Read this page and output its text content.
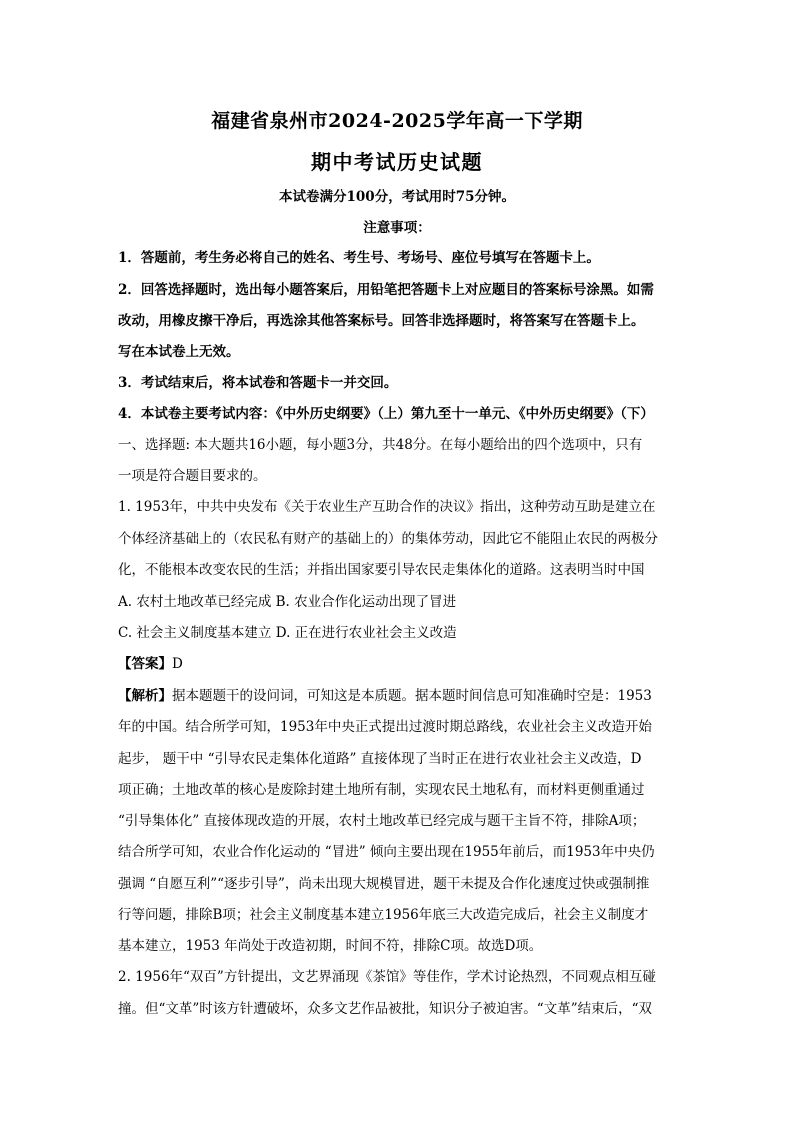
福建省泉州市2024-2025学年高一下学期
期中考试历史试题
本试卷满分100分，考试用时75分钟。
注意事项：
1．答题前，考生务必将自己的姓名、考生号、考场号、座位号填写在答题卡上。
2．回答选择题时，选出每小题答案后，用铅笔把答题卡上对应题目的答案标号涂黑。如需
改动，用橡皮擦干净后，再选涂其他答案标号。回答非选择题时，将答案写在答题卡上。
写在本试卷上无效。
3．考试结束后，将本试卷和答题卡一并交回。
4．本试卷主要考试内容：《中外历史纲要》（上）第九至十一单元、《中外历史纲要》（下）
一、选择题: 本大题共16小题，每小题3分，共48分。在每小题给出的四个选项中，只有
一项是符合题目要求的。
1. 1953年，中共中央发布《关于农业生产互助合作的决议》指出，这种劳动互助是建立在
个体经济基础上的（农民私有财产的基础上的）的集体劳动，因此它不能阻止农民的两极分
化，不能根本改变农民的生活；并指出国家要引导农民走集体化的道路。这表明当时中国
A. 农村土地改革已经完成 B. 农业合作化运动出现了冒进
C. 社会主义制度基本建立 D. 正在进行农业社会主义改造
【答案】D
【解析】据本题题干的设问词，可知这是本质题。据本题时间信息可知准确时空是：1953
年的中国。结合所学可知，1953年中央正式提出过渡时期总路线，农业社会主义改造开始
起步， 题干中 “引导农民走集体化道路” 直接体现了当时正在进行农业社会主义改造，D
项正确；土地改革的核心是废除封建土地所有制，实现农民土地私有，而材料更侧重通过
“引导集体化” 直接体现改造的开展，农村土地改革已经完成与题干主旨不符，排除A项；
结合所学可知，农业合作化运动的 “冒进” 倾向主要出现在1955年前后，而1953年中央仍
强调 “自愿互利”“逐步引导”，尚未出现大规模冒进，题干未提及合作化速度过快或强制推
行等问题，排除B项；社会主义制度基本建立1956年底三大改造完成后，社会主义制度才
基本建立，1953 年尚处于改造初期，时间不符，排除C项。故选D项。
2. 1956年“双百”方针提出，文艺界涌现《茶馆》等佳作，学术讨论热烈，不同观点相互碰
撞。但“文革”时该方针遭破坏，众多文艺作品被批，知识分子被迫害。“文革”结束后，“双
